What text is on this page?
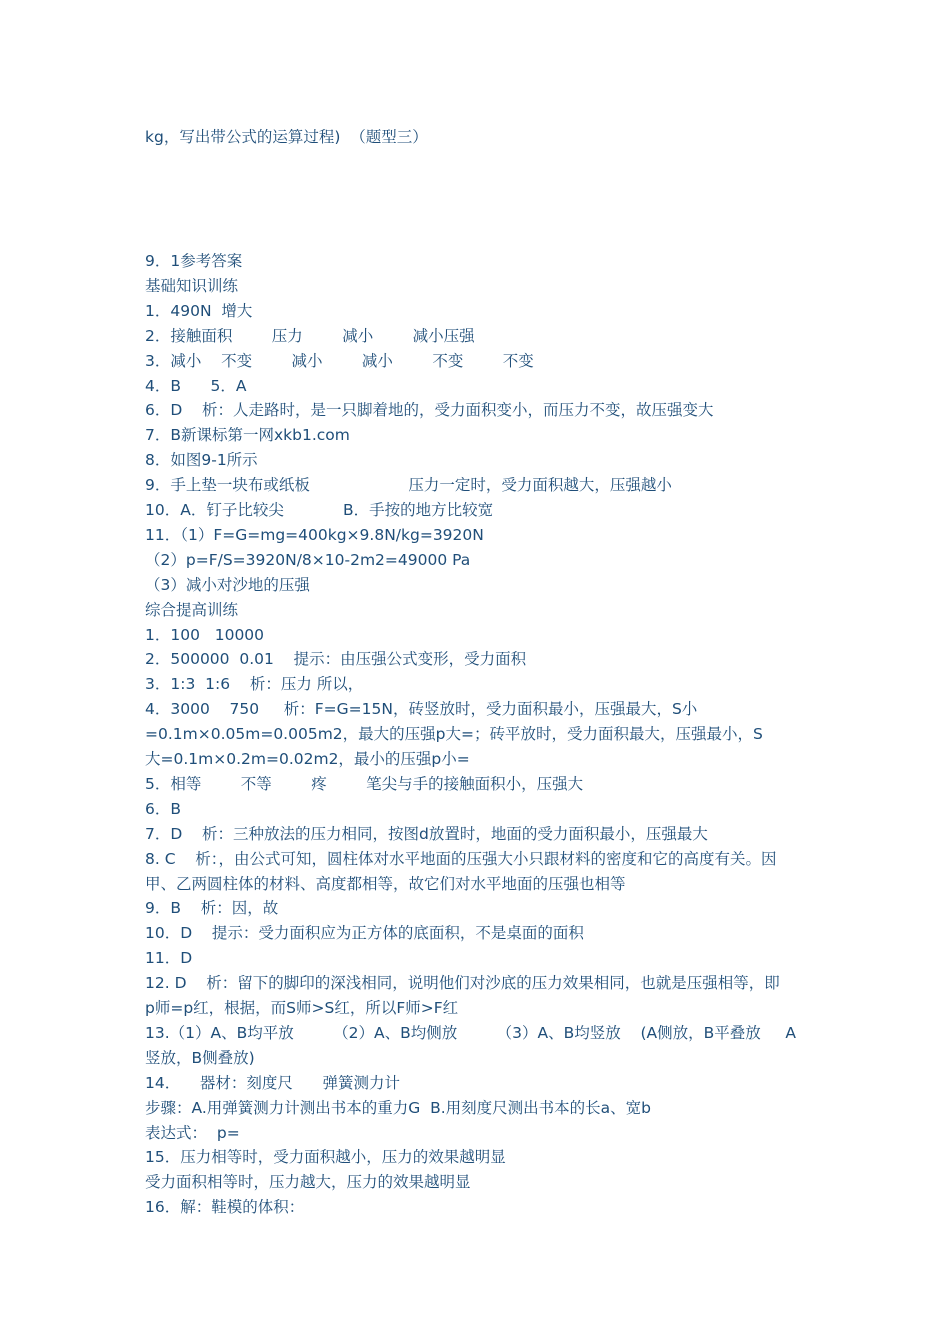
kg，写出带公式的运算过程)  （题型三）

9．1参考答案

基础知识训练

1．490N  增大

2．接触面积        压力        减小        减小压强

3．减小    不变        减小        减小        不变        不变

4．B      5．A

6．D    析：人走路时，是一只脚着地的，受力面积变小，而压力不变，故压强变大

7．B新课标第一网xkb1.com

8．如图9-1所示

9．手上垫一块布或纸板                    压力一定时，受力面积越大，压强越小

10．A．钉子比较尖            B．手按的地方比较宽

11．（1）F=G=mg=400kg×9.8N/kg=3920N

（2）p=F/S=3920N/8×10-2m2=49000 Pa

（3）减小对沙地的压强

综合提高训练

1．100   10000

2．500000  0.01    提示：由压强公式变形，受力面积

3．1:3  1:6    析：压力 所以，

4．3000    750     析：F=G=15N，砖竖放时，受力面积最小，压强最大，S小

=0.1m×0.05m=0.005m2，最大的压强p大=；砖平放时，受力面积最大，压强最小，S

大=0.1m×0.2m=0.02m2，最小的压强p小=

5．相等        不等        疼        笔尖与手的接触面积小，压强大

6．B

7．D    析：三种放法的压力相同，按图d放置时，地面的受力面积最小，压强最大

8. C    析：，由公式可知，圆柱体对水平地面的压强大小只跟材料的密度和它的高度有关。因

甲、乙两圆柱体的材料、高度都相等，故它们对水平地面的压强也相等

9．B    析：因，故

10．D    提示：受力面积应为正方体的底面积，不是桌面的面积

11．D

12. D    析：留下的脚印的深浅相同，说明他们对沙底的压力效果相同，也就是压强相等，即

p师=p红，根据，而S师>S红，所以F师>F红

13.（1）A、B均平放        （2）A、B均侧放        （3）A、B均竖放    (A侧放，B平叠放     A

竖放，B侧叠放)

14．    器材：刻度尺      弹簧测力计

步骤：A.用弹簧测力计测出书本的重力G  B.用刻度尺测出书本的长a、宽b

表达式：  p=

15．压力相等时，受力面积越小，压力的效果越明显

受力面积相等时，压力越大，压力的效果越明显

16．解：鞋模的体积：
